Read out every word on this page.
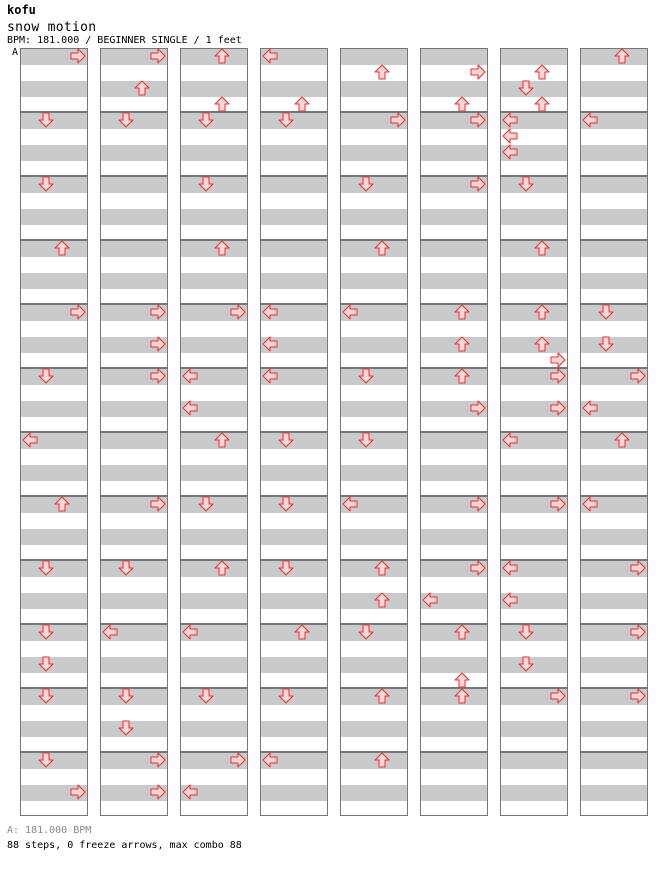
kofu
snow motion
BPM: 181.000 / BEGINNER SINGLE / 1 feet
A
A: 181.000 BPM
88 steps, 0 freeze arrows, max combo 88
